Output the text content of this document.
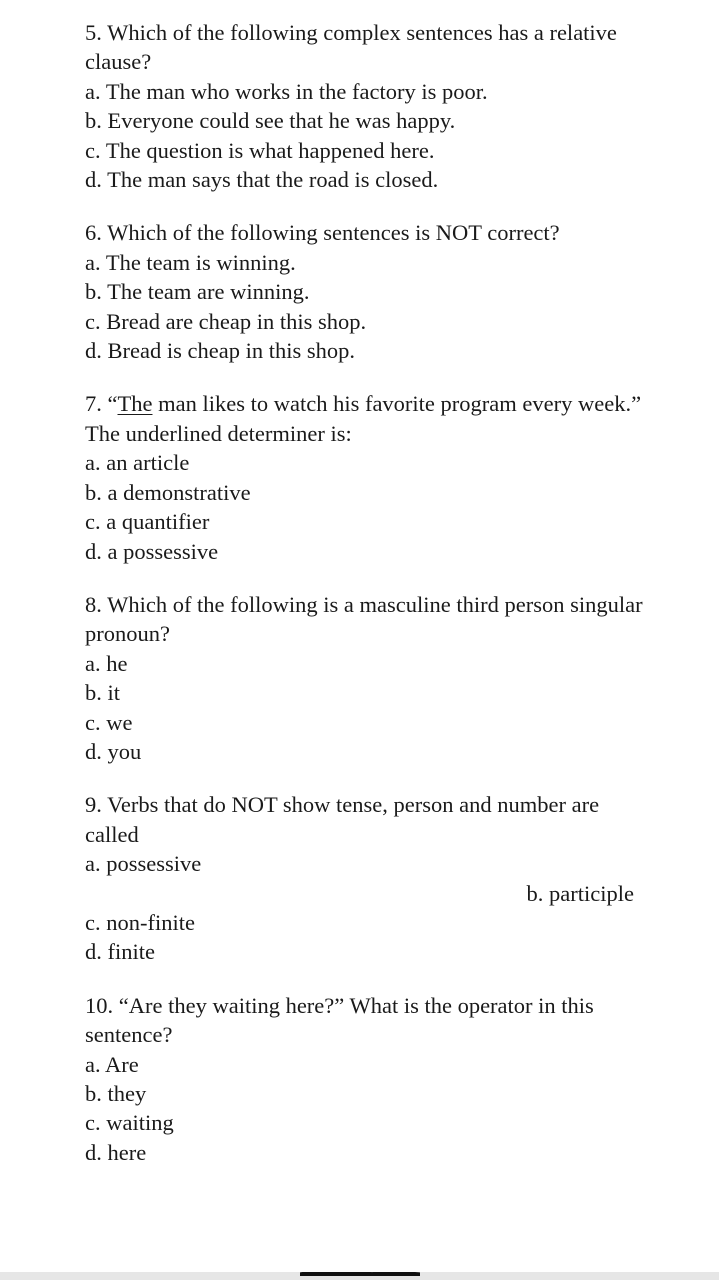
5. Which of the following complex sentences has a relative clause?
a. The man who works in the factory is poor.
b. Everyone could see that he was happy.
c. The question is what happened here.
d. The man says that the road is closed.
6. Which of the following sentences is NOT correct?
a. The team is winning.
b. The team are winning.
c. Bread are cheap in this shop.
d. Bread is cheap in this shop.
7. “The man likes to watch his favorite program every week.” The underlined determiner is:
a. an article
b. a demonstrative
c. a quantifier
d. a possessive
8. Which of the following is a masculine third person singular pronoun?
a. he
b. it
c. we
d. you
9. Verbs that do NOT show tense, person and number are called
a. possessive
b. participle
c. non-finite
d. finite
10. “Are they waiting here?” What is the operator in this sentence?
a. Are
b. they
c. waiting
d. here
